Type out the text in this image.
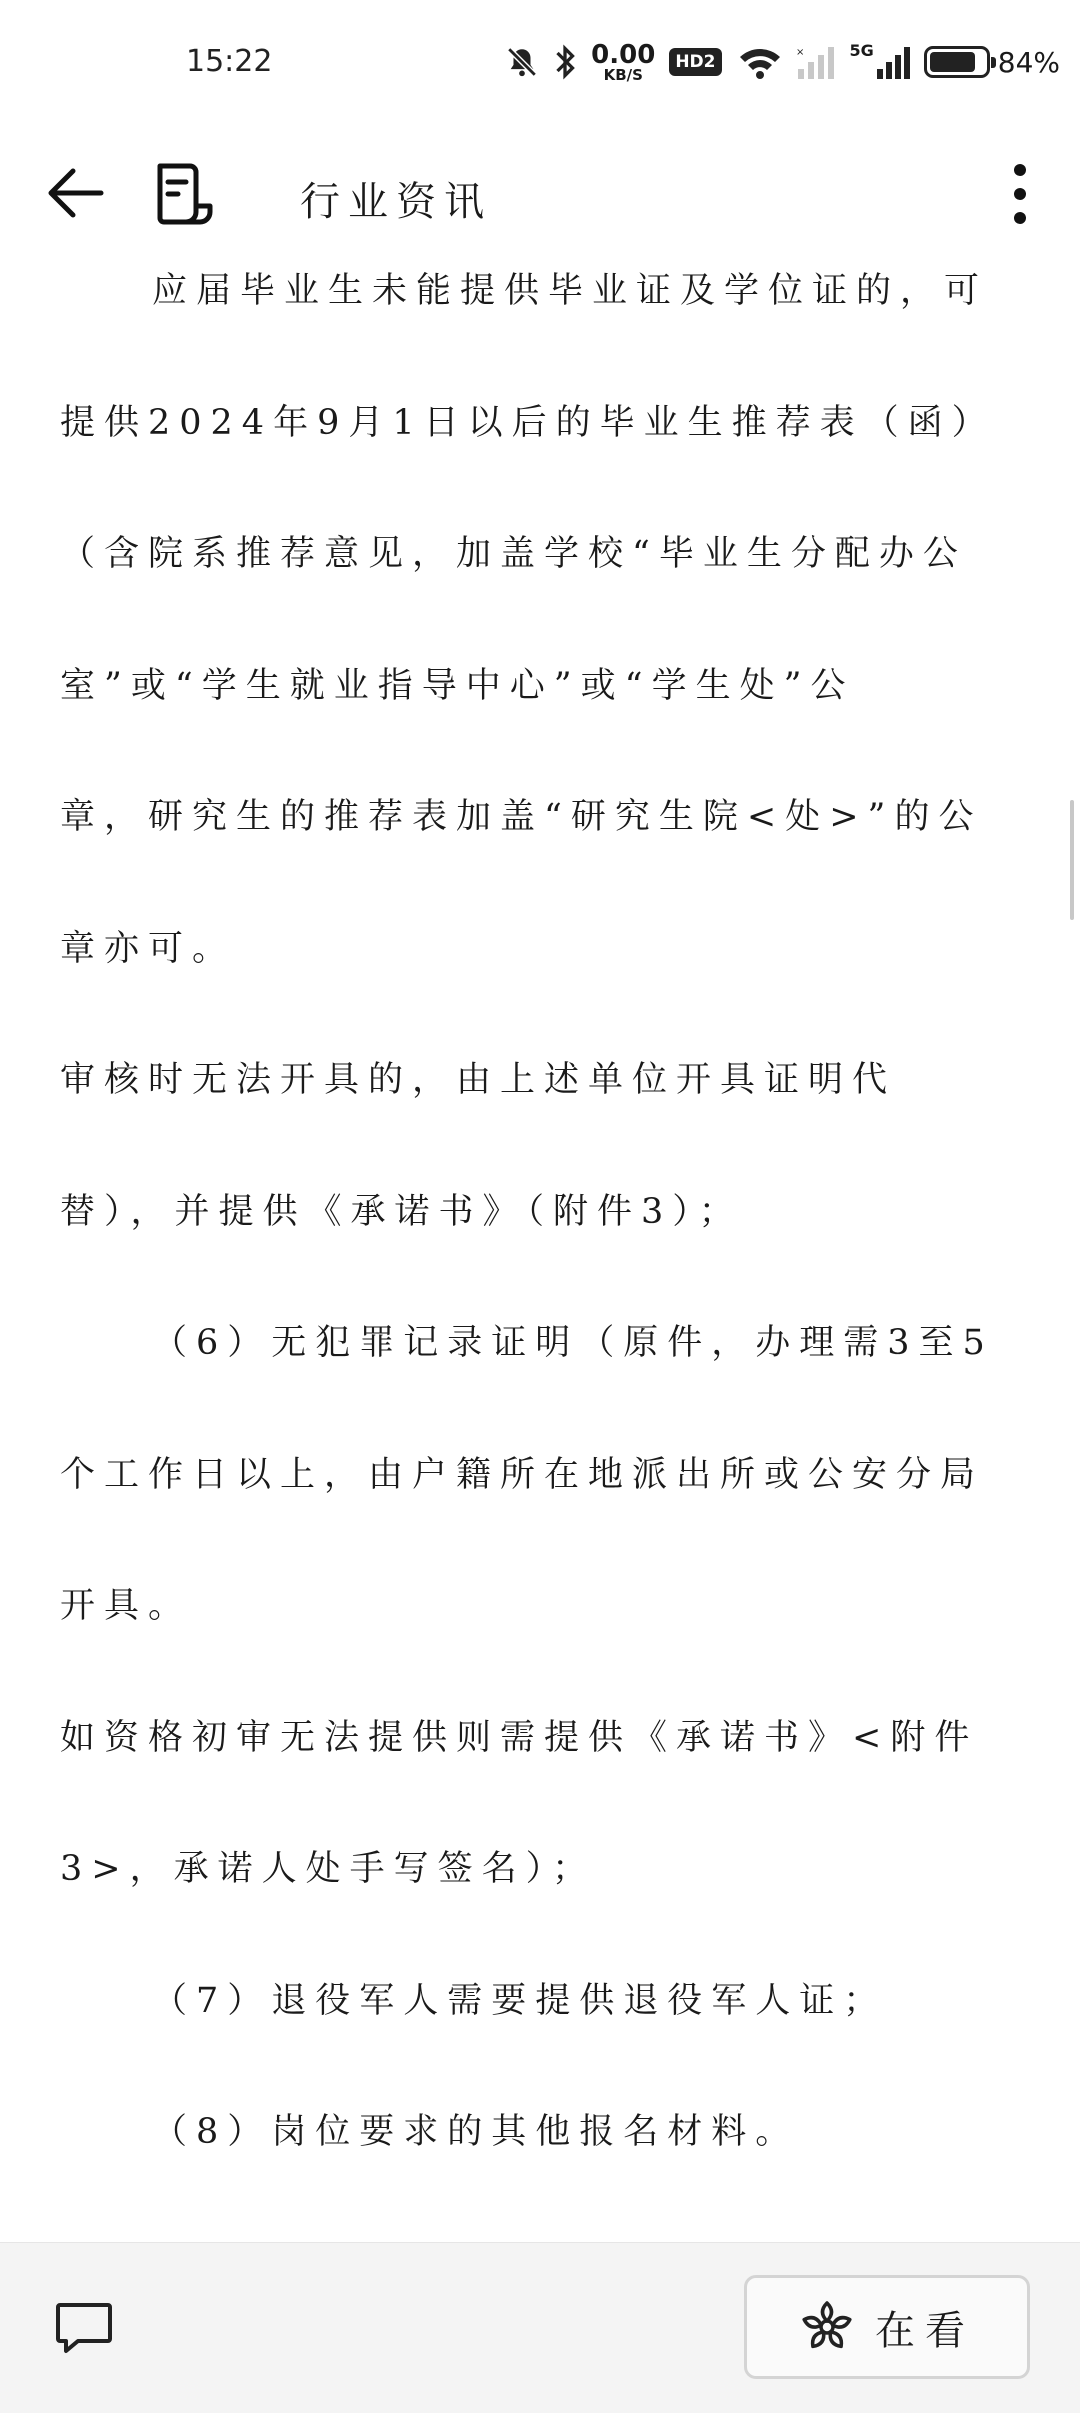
15:22	0.00
KB/S
HD2	×	5G	84%
行业资讯
应届毕业生未能提供毕业证及学位证的，可
提供2024年9月1日以后的毕业生推荐表（函）
（含院系推荐意见，加盖学校“毕业生分配办公
室”或“学生就业指导中心”或“学生处”公
章，研究生的推荐表加盖“研究生院<处>”的公
章亦可。
审核时无法开具的，由上述单位开具证明代
替），并提供《承诺书》（附件3）；
（6）无犯罪记录证明（原件，办理需3至5
个工作日以上，由户籍所在地派出所或公安分局
开具。
如资格初审无法提供则需提供《承诺书》<附件
3>，承诺人处手写签名）；
（7）退役军人需要提供退役军人证；
（8）岗位要求的其他报名材料。
在看
